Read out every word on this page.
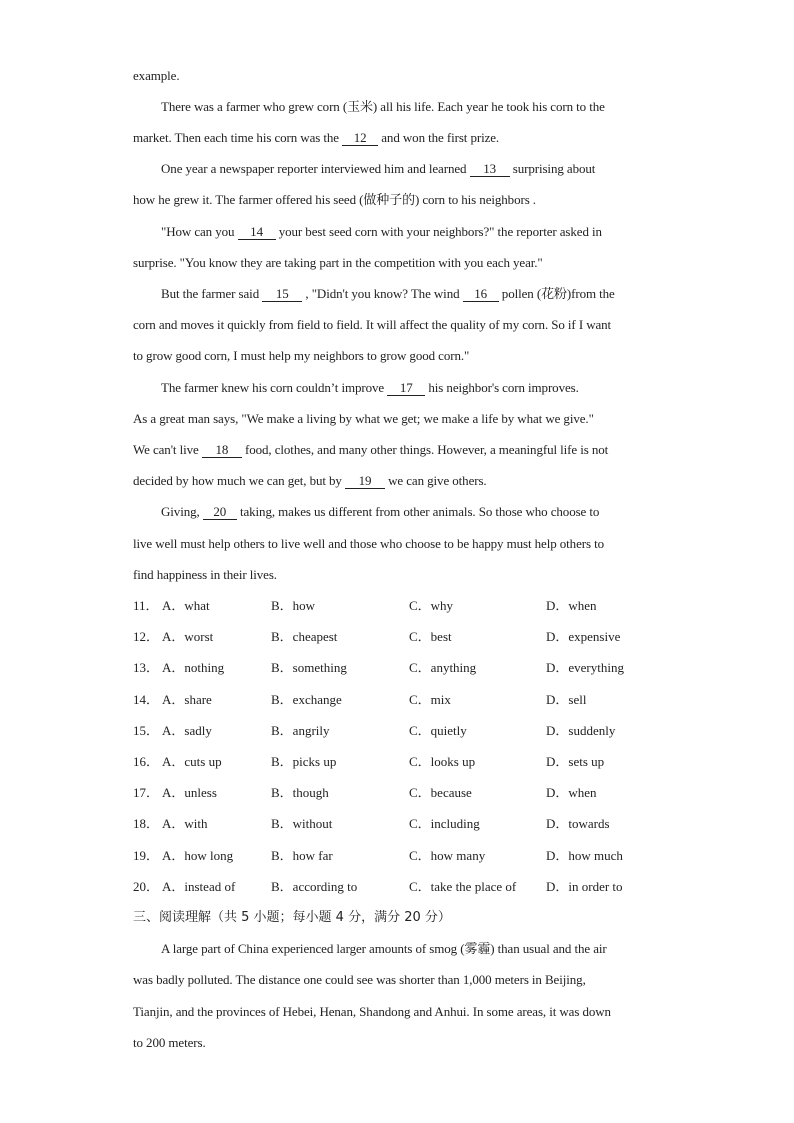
example.
There was a farmer who grew corn (玉米) all his life. Each year he took his corn to the
market. Then each time his corn was the 12 and won the first prize.
One year a newspaper reporter interviewed him and learned 13 surprising about
how he grew it. The farmer offered his seed (做种子的) corn to his neighbors .
"How can you 14 your best seed corn with your neighbors?" the reporter asked in
surprise. "You know they are taking part in the competition with you each year."
But the farmer said 15 , "Didn't you know? The wind 16 pollen (花粉)from the
corn and moves it quickly from field to field. It will affect the quality of my corn. So if I want
to grow good corn, I must help my neighbors to grow good corn."
The farmer knew his corn couldn’t improve 17 his neighbor's corn improves.
As a great man says, "We make a living by what we get; we make a life by what we give."
We can't live 18 food, clothes, and many other things. However, a meaningful life is not
decided by how much we can get, but by 19 we can give others.
Giving, 20 taking, makes us different from other animals. So those who choose to
live well must help others to live well and those who choose to be happy must help others to
find happiness in their lives.
11． A．what	B．how	C．why	D．when
12． A．worst	B．cheapest	C．best	D．expensive
13． A．nothing	B．something	C．anything	D．everything
14． A．share	B．exchange	C．mix	D．sell
15． A．sadly	B．angrily	C．quietly	D．suddenly
16． A．cuts up	B．picks up	C．looks up	D．sets up
17． A．unless	B．though	C．because	D．when
18． A．with	B．without	C．including	D．towards
19． A．how long	B．how far	C．how many	D．how much
20． A．instead of	B．according to	C．take the place of D．in order to
三、阅读理解（共 5 小题；每小题 4 分，满分 20 分）
A large part of China experienced larger amounts of smog (雾霾) than usual and the air
was badly polluted. The distance one could see was shorter than 1,000 meters in Beijing,
Tianjin, and the provinces of Hebei, Henan, Shandong and Anhui. In some areas, it was down
to 200 meters.
